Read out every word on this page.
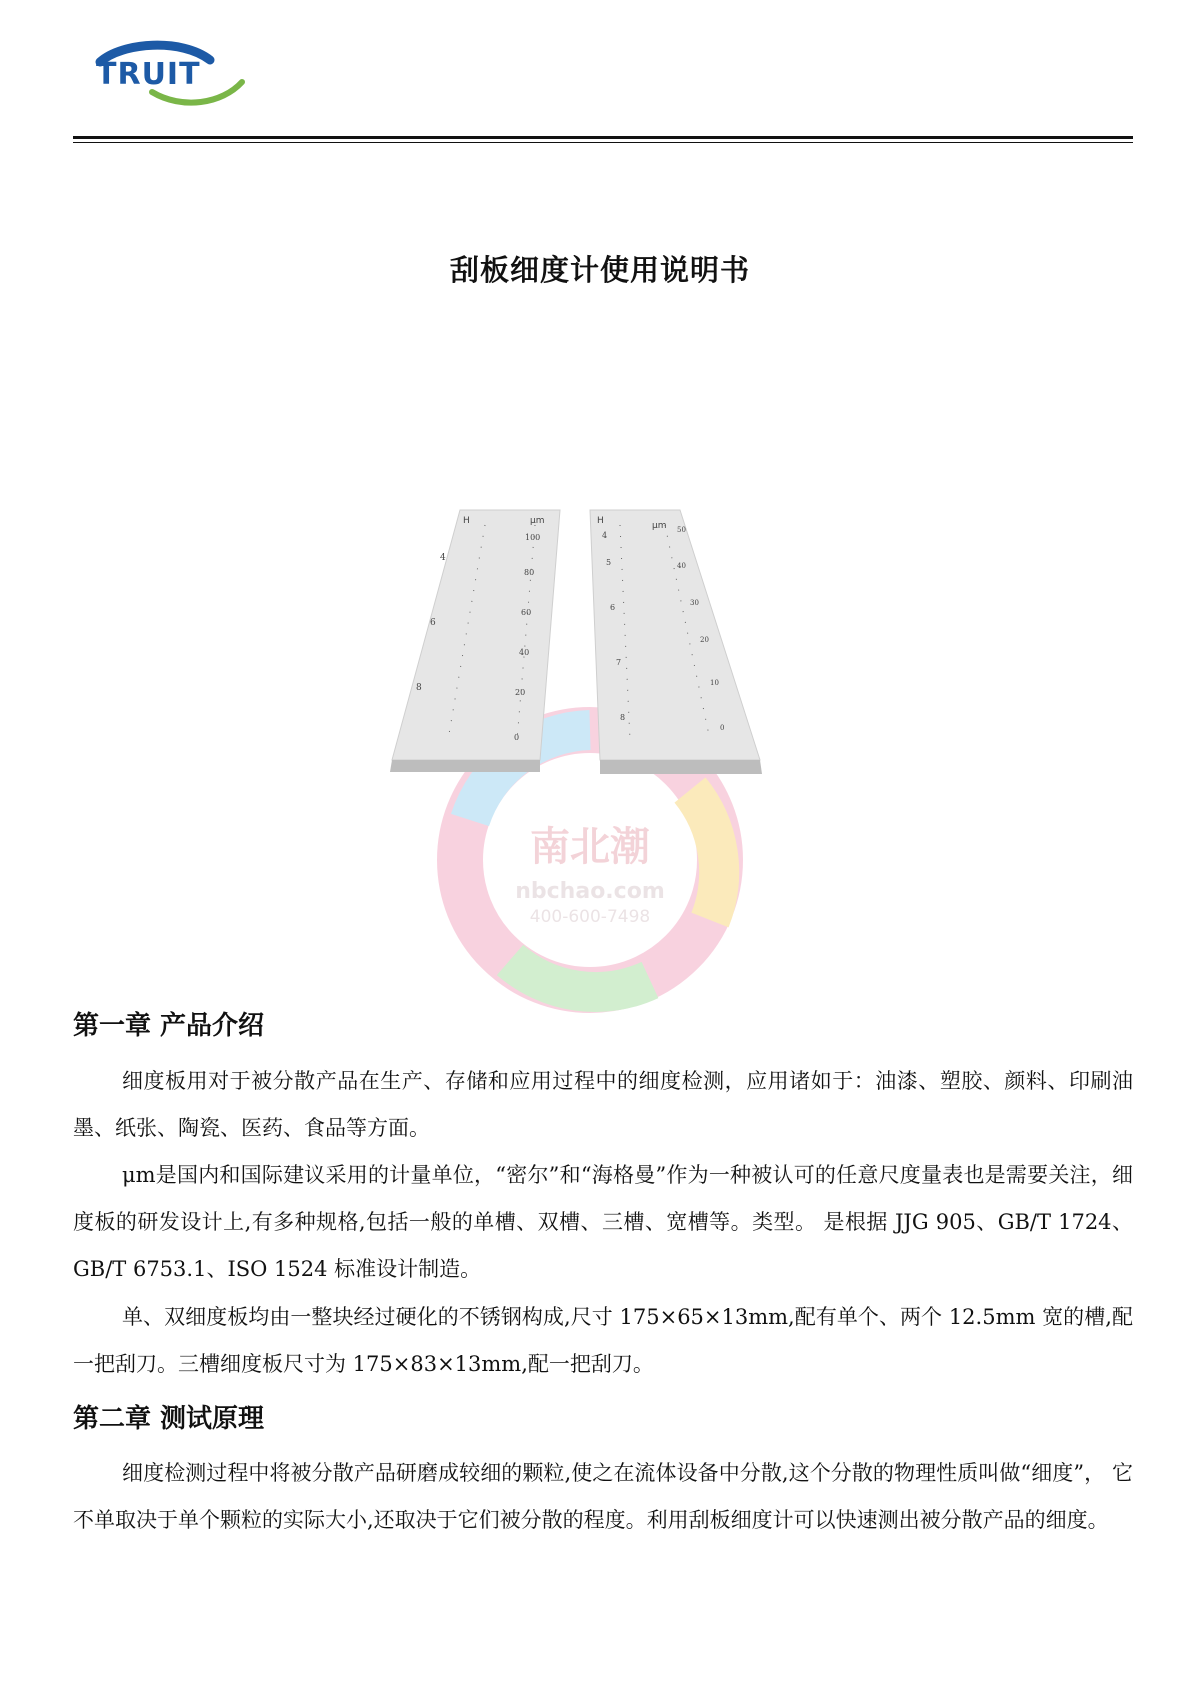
TRUIT
刮板细度计使用说明书
南北潮
nbchao.com
400-600-7498
H	μm
4
6
8
100
80
60
40
20
0
H	μm
4
5
6
7
8
50
40
30
20
10
0
第一章 产品介绍

细度板用对于被分散产品在生产、存储和应用过程中的细度检测，应用诸如于：油漆、塑胶、颜料、印刷油墨、纸张、陶瓷、医药、食品等方面。

μm是国内和国际建议采用的计量单位，“密尔”和“海格曼”作为一种被认可的任意尺度量表也是需要关注，细度板的研发设计上,有多种规格,包括一般的单槽、双槽、三槽、宽槽等。类型。 是根据 JJG 905、GB/T 1724、GB/T 6753.1、ISO 1524 标准设计制造。

单、双细度板均由一整块经过硬化的不锈钢构成,尺寸 175×65×13mm,配有单个、两个 12.5mm 宽的槽,配一把刮刀。三槽细度板尺寸为 175×83×13mm,配一把刮刀。

第二章 测试原理

细度检测过程中将被分散产品研磨成较细的颗粒,使之在流体设备中分散,这个分散的物理性质叫做“细度”， 它不单取决于单个颗粒的实际大小,还取决于它们被分散的程度。利用刮板细度计可以快速测出被分散产品的细度。
